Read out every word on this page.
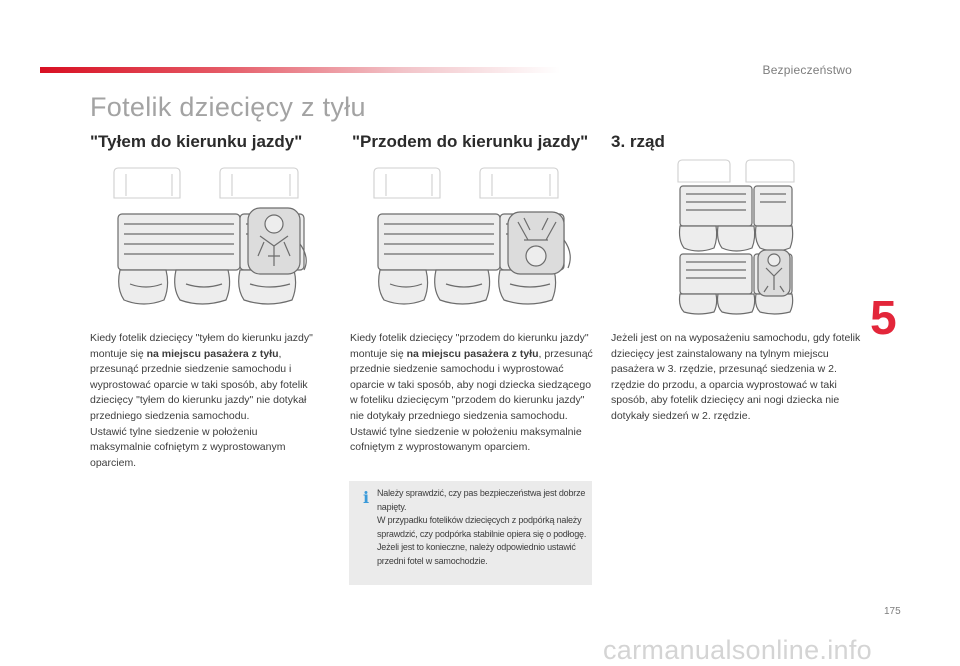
Bezpieczeństwo
Fotelik dziecięcy z tyłu
"Tyłem do kierunku jazdy"

Kiedy fotelik dziecięcy "tyłem do kierunku jazdy" montuje się na miejscu pasażera z tyłu, przesunąć przednie siedzenie samochodu i wyprostować oparcie w taki sposób, aby fotelik dziecięcy "tyłem do kierunku jazdy" nie dotykał przedniego siedzenia samochodu.

Ustawić tylne siedzenie w położeniu maksymalnie cofniętym z wyprostowanym oparciem.

"Przodem do kierunku jazdy"

Kiedy fotelik dziecięcy "przodem do kierunku jazdy" montuje się na miejscu pasażera z tyłu, przesunąć przednie siedzenie samochodu i wyprostować oparcie w taki sposób, aby nogi dziecka siedzącego w foteliku dziecięcym "przodem do kierunku jazdy" nie dotykały przedniego siedzenia samochodu.

Ustawić tylne siedzenie w położeniu maksymalnie cofniętym z wyprostowanym oparciem.

i Należy sprawdzić, czy pas bezpieczeństwa jest dobrze napięty.

W przypadku fotelików dziecięcych z podpórką należy sprawdzić, czy podpórka stabilnie opiera się o podłogę. Jeżeli jest to konieczne, należy odpowiednio ustawić przedni fotel w samochodzie.

3. rząd
Jeżeli jest on na wyposażeniu samochodu, gdy fotelik dziecięcy jest zainstalowany na tylnym miejscu pasażera w 3. rzędzie, przesunąć siedzenia w 2. rzędzie do przodu, a oparcia wyprostować w taki sposób, aby fotelik dziecięcy ani nogi dziecka nie dotykały siedzeń w 2. rzędzie.
5
175
carmanualsonline.info
